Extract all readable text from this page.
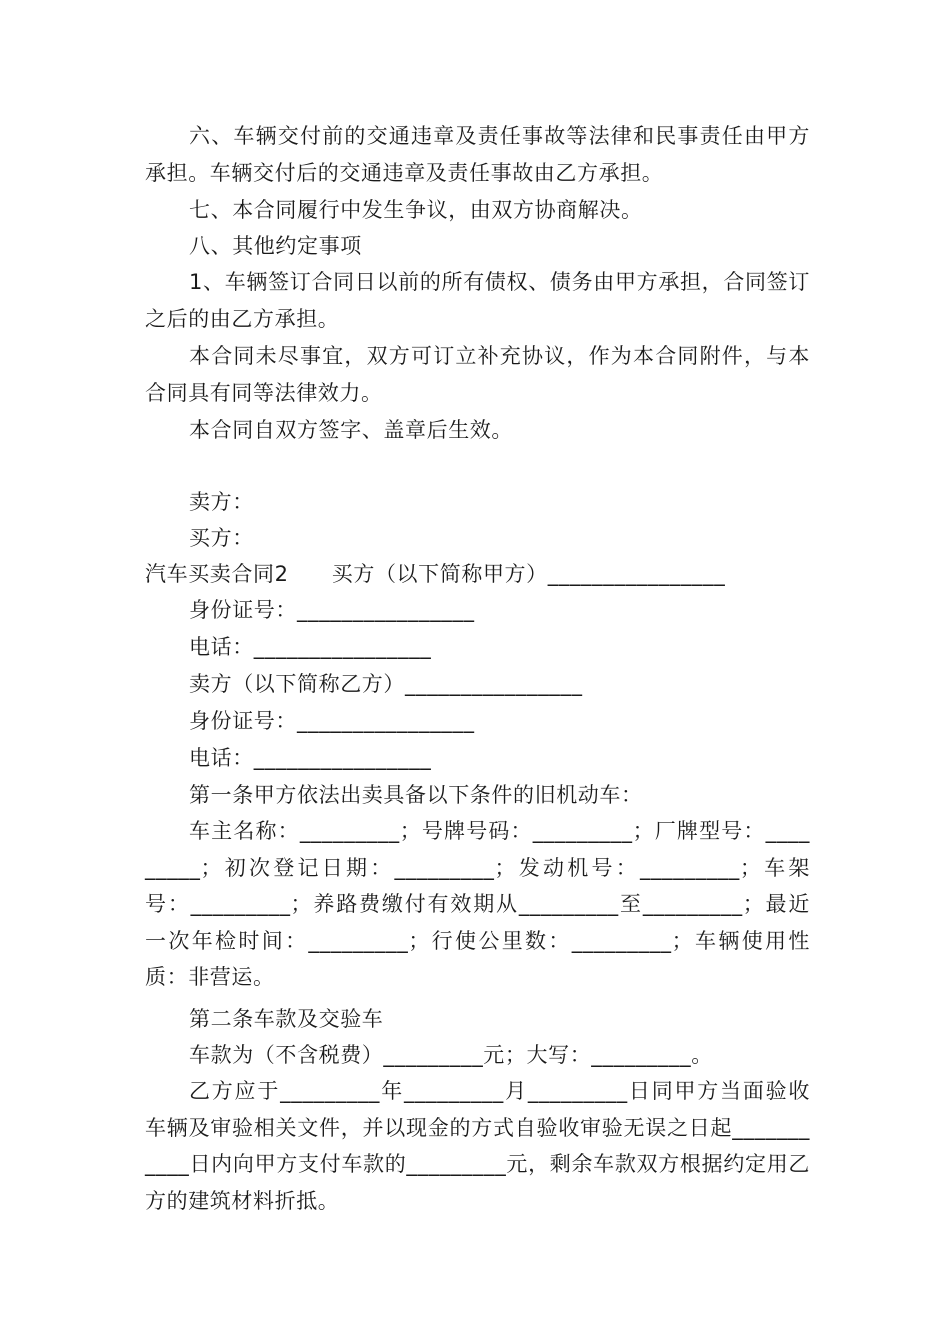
六、车辆交付前的交通违章及责任事故等法律和民事责任由甲方承担。车辆交付后的交通违章及责任事故由乙方承担。

七、本合同履行中发生争议，由双方协商解决。

八、其他约定事项

1、车辆签订合同日以前的所有债权、债务由甲方承担，合同签订之后的由乙方承担。

本合同未尽事宜，双方可订立补充协议，作为本合同附件，与本合同具有同等法律效力。

本合同自双方签字、盖章后生效。

卖方：

买方：

汽车买卖合同2　　买方（以下简称甲方）________________

身份证号：________________

电话：________________

卖方（以下简称乙方）________________

身份证号：________________

电话：________________

第一条甲方依法出卖具备以下条件的旧机动车：

车主名称：_________；号牌号码：_________；厂牌型号：_________；初次登记日期：_________；发动机号：_________；车架号：_________；养路费缴付有效期从_________至_________；最近一次年检时间：_________；行使公里数：_________；车辆使用性质：非营运。

第二条车款及交验车

车款为（不含税费）_________元；大写：_________。

乙方应于_________年_________月_________日同甲方当面验收车辆及审验相关文件，并以现金的方式自验收审验无误之日起___________日内向甲方支付车款的_________元，剩余车款双方根据约定用乙方的建筑材料折抵。
